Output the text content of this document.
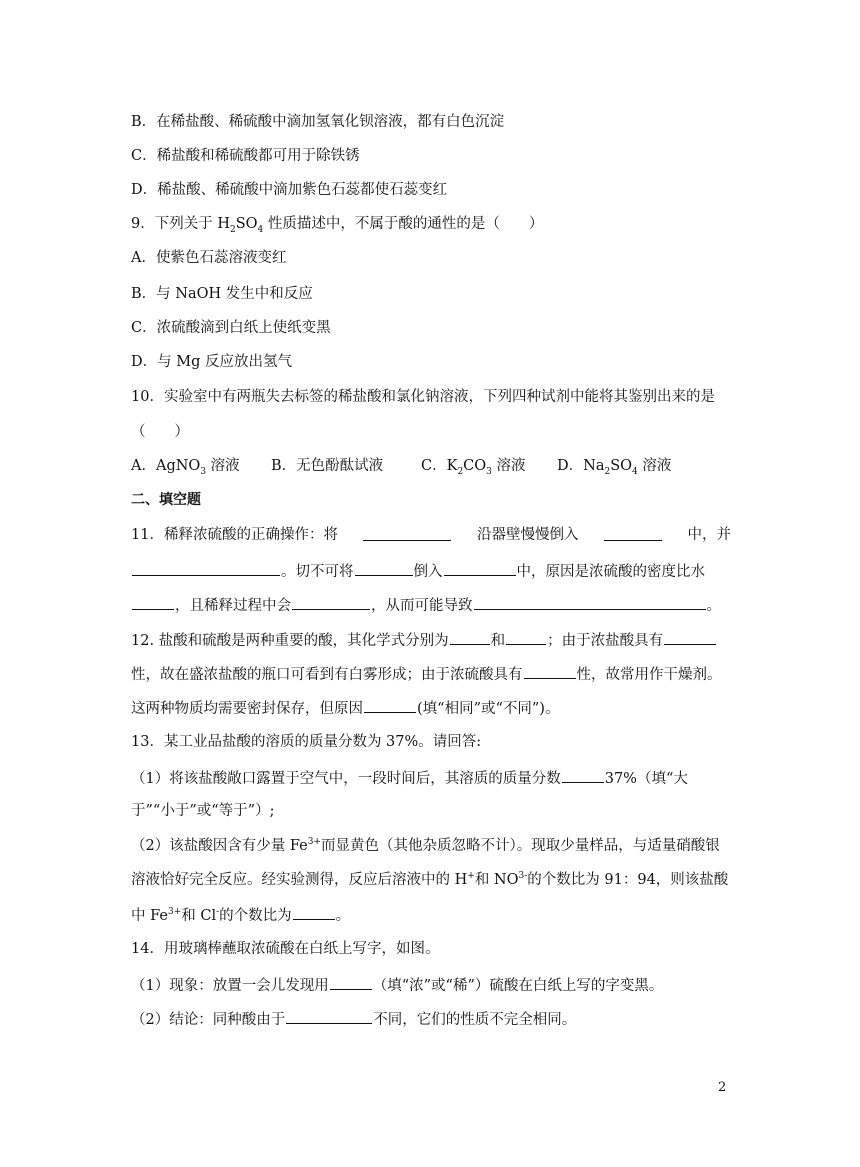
B．在稀盐酸、稀硫酸中滴加氢氧化钡溶液，都有白色沉淀
C．稀盐酸和稀硫酸都可用于除铁锈
D．稀盐酸、稀硫酸中滴加紫色石蕊都使石蕊变红
9．下列关于 $H_2SO_4$ 性质描述中，不属于酸的通性的是（　　）
A．使紫色石蕊溶液变红
B．与 NaOH 发生中和反应
C．浓硫酸滴到白纸上使纸变黑
D．与 Mg 反应放出氢气
10．实验室中有两瓶失去标签的稀盐酸和氯化钠溶液，下列四种试剂中能将其鉴别出来的是
（　　）
A．AgNO$_3$ 溶液 B．无色酚酞试液	C．$K_2CO_3$ 溶液 D．$Na_2SO_4$ 溶液
二、填空题
11．稀释浓硫酸的正确操作：将	沿器壁慢慢倒入	中，并
。切不可将	倒入	中，原因是浓硫酸的密度比水
，且稀释过程中会	，从而可能导致	。
12. 盐酸和硫酸是两种重要的酸，其化学式分别为	和	；由于浓盐酸具有
性，故在盛浓盐酸的瓶口可看到有白雾形成；由于浓硫酸具有	性，故常用作干燥剂。
这两种物质均需要密封保存，但原因	(填“相同”或“不同”)。
13．某工业品盐酸的溶质的质量分数为 37%。请回答:
（1）将该盐酸敞口露置于空气中，一段时间后，其溶质的质量分数	37%（填“大
于”“小于”或“等于”）;
（2）该盐酸因含有少量 $Fe^{3+}$而显黄色（其他杂质忽略不计）。现取少量样品，与适量硝酸银
溶液恰好完全反应。经实验测得，反应后溶液中的 H+和 $NO^{3-}$的个数比为 91：94，则该盐酸
中 $Fe^{3+}$和 Cl-的个数比为	。
14．用玻璃棒蘸取浓硫酸在白纸上写字，如图。
（1）现象：放置一会儿发现用	（填“浓”或“稀”）硫酸在白纸上写的字变黑。
（2）结论：同种酸由于	不同，它们的性质不完全相同。
2
